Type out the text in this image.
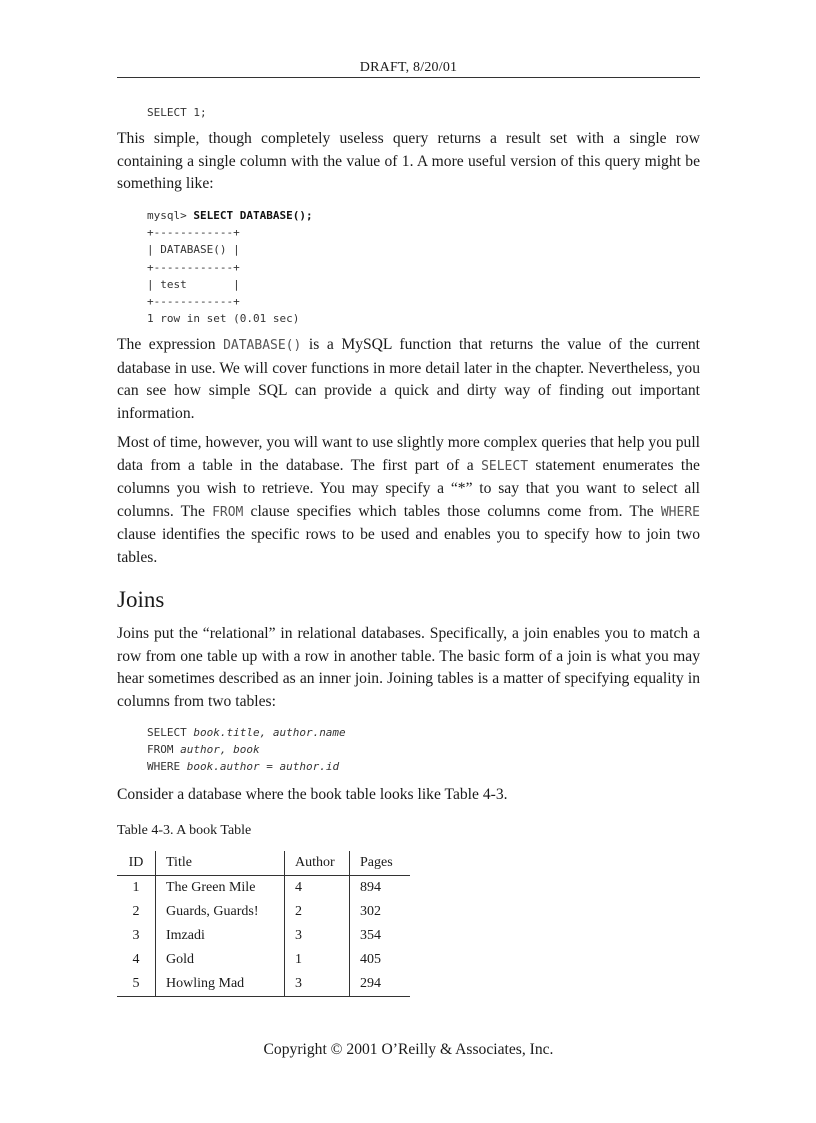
DRAFT, 8/20/01
SELECT 1;

This simple, though completely useless query returns a result set with a single row containing a single column with the value of 1. A more useful version of this query might be something like:

mysql> SELECT DATABASE();
+------------+
| DATABASE() |
+------------+
| test       |
+------------+
1 row in set (0.01 sec)

The expression DATABASE() is a MySQL function that returns the value of the current database in use. We will cover functions in more detail later in the chapter. Nevertheless, you can see how simple SQL can provide a quick and dirty way of finding out important information.

Most of time, however, you will want to use slightly more complex queries that help you pull data from a table in the database. The first part of a SELECT statement enumerates the columns you wish to retrieve. You may specify a “*” to say that you want to select all columns. The FROM clause specifies which tables those columns come from. The WHERE clause identifies the specific rows to be used and enables you to specify how to join two tables.

Joins

Joins put the “relational” in relational databases. Specifically, a join enables you to match a row from one table up with a row in another table. The basic form of a join is what you may hear sometimes described as an inner join. Joining tables is a matter of specifying equality in columns from two tables:

SELECT book.title, author.name
FROM author, book
WHERE book.author = author.id

Consider a database where the book table looks like Table 4-3.

Table 4-3. A book Table
ID	Title	Author	Pages
1	The Green Mile	4	894
2	Guards, Guards!	2	302
3	Imzadi	3	354
4	Gold	1	405
5	Howling Mad	3	294
Copyright © 2001 O’Reilly & Associates, Inc.
